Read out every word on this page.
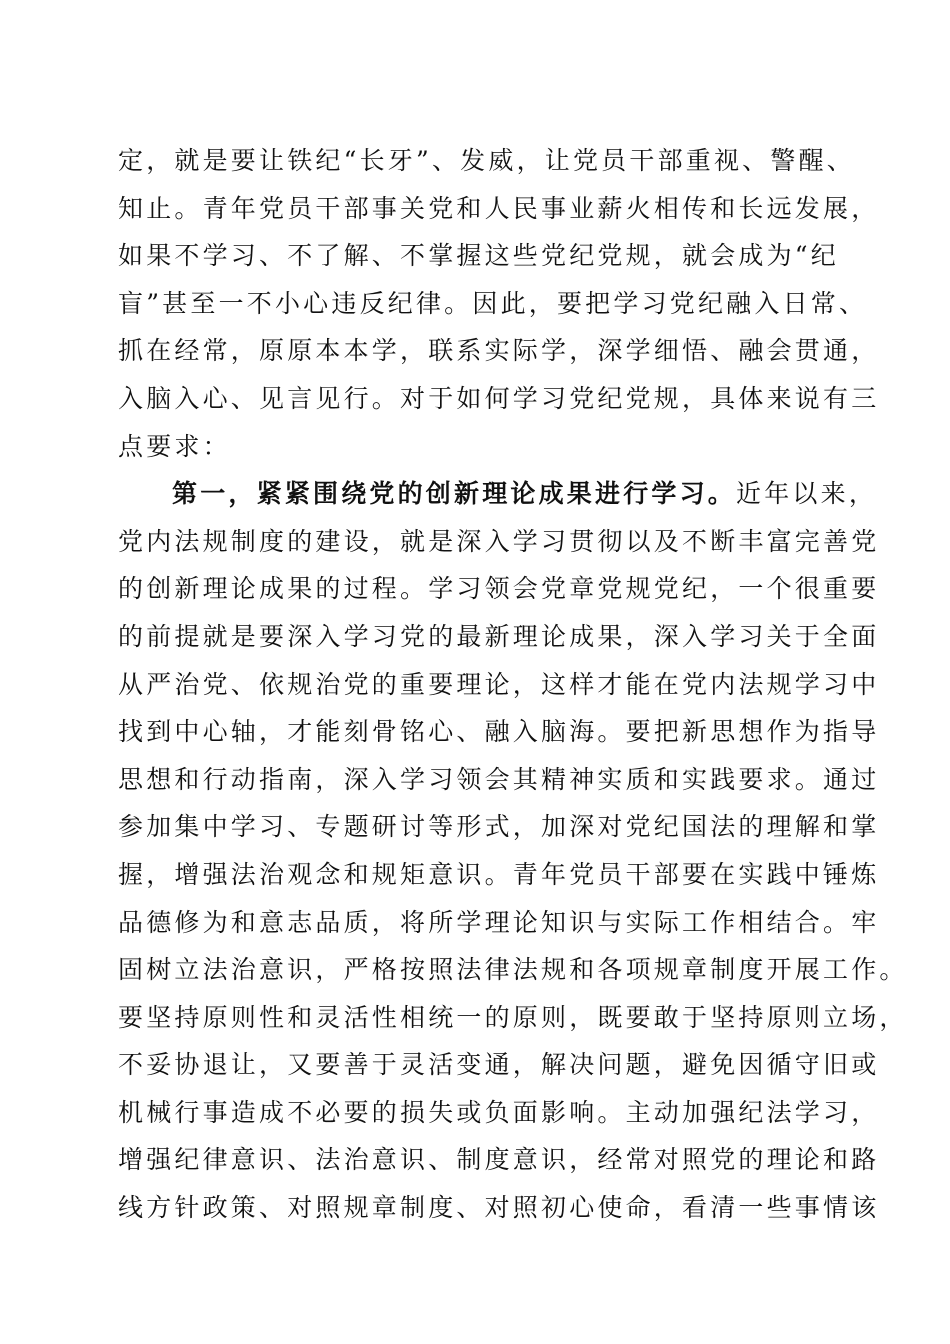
定，就是要让铁纪“长牙”、发威，让党员干部重视、警醒、
知止。青年党员干部事关党和人民事业薪火相传和长远发展，
如果不学习、不了解、不掌握这些党纪党规，就会成为“纪
盲”甚至一不小心违反纪律。因此，要把学习党纪融入日常、
抓在经常，原原本本学，联系实际学，深学细悟、融会贯通，
入脑入心、见言见行。对于如何学习党纪党规，具体来说有三
点要求：
第一，紧紧围绕党的创新理论成果进行学习。近年以来，
党内法规制度的建设，就是深入学习贯彻以及不断丰富完善党
的创新理论成果的过程。学习领会党章党规党纪，一个很重要
的前提就是要深入学习党的最新理论成果，深入学习关于全面
从严治党、依规治党的重要理论，这样才能在党内法规学习中
找到中心轴，才能刻骨铭心、融入脑海。要把新思想作为指导
思想和行动指南，深入学习领会其精神实质和实践要求。通过
参加集中学习、专题研讨等形式，加深对党纪国法的理解和掌
握，增强法治观念和规矩意识。青年党员干部要在实践中锤炼
品德修为和意志品质，将所学理论知识与实际工作相结合。牢
固树立法治意识，严格按照法律法规和各项规章制度开展工作。
要坚持原则性和灵活性相统一的原则，既要敢于坚持原则立场，
不妥协退让，又要善于灵活变通，解决问题，避免因循守旧或
机械行事造成不必要的损失或负面影响。主动加强纪法学习，
增强纪律意识、法治意识、制度意识，经常对照党的理论和路
线方针政策、对照规章制度、对照初心使命，看清一些事情该
